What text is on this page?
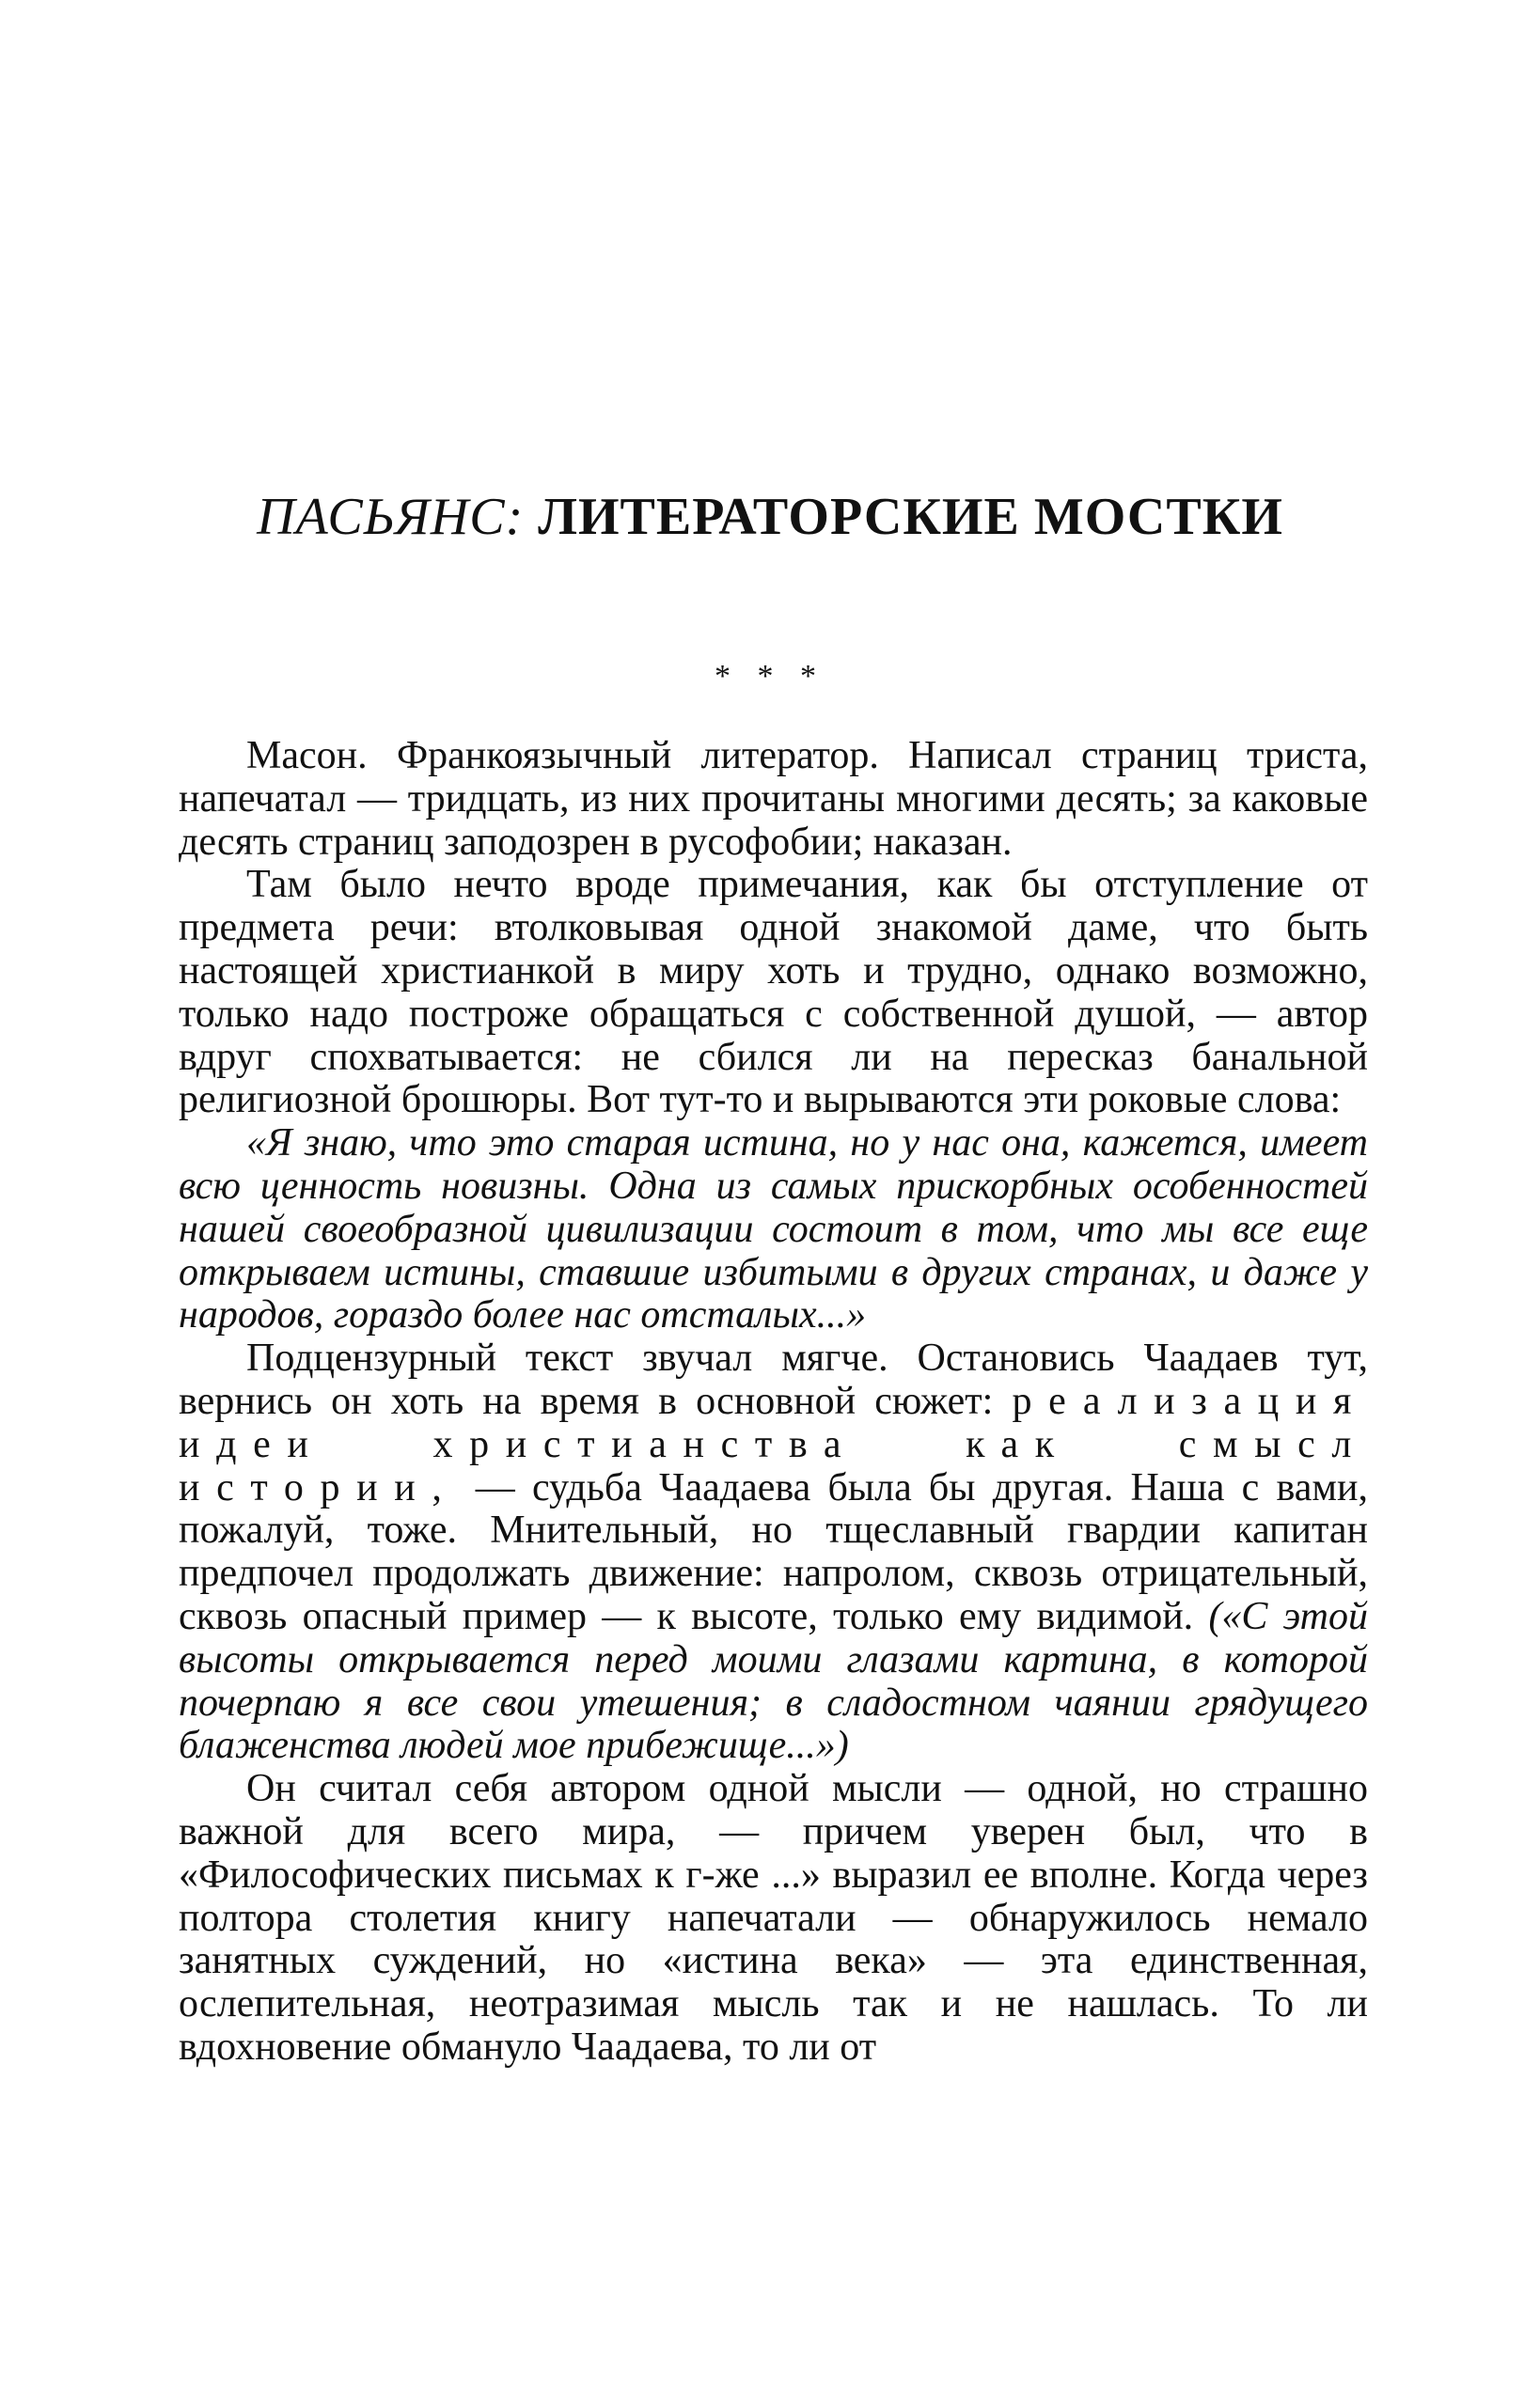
ПАСЬЯНС: ЛИТЕРАТОРСКИЕ МОСТКИ
* * *

Масон. Франкоязычный литератор. Написал страниц триста, напечатал — тридцать, из них прочитаны многими десять; за каковые десять страниц заподозрен в русофобии; наказан.

Там было нечто вроде примечания, как бы отступление от предмета речи: втолковывая одной знакомой даме, что быть настоящей христианкой в миру хоть и трудно, однако возможно, только надо построже обращаться с собственной душой, — автор вдруг спохватывается: не сбился ли на пересказ банальной религиозной брошюры. Вот тут-то и вырываются эти роковые слова:

«Я знаю, что это старая истина, но у нас она, кажется, имеет всю ценность новизны. Одна из самых прискорбных особенностей нашей своеобразной цивилизации состоит в том, что мы все еще открываем истины, ставшие избитыми в других странах, и даже у народов, гораздо более нас отсталых...»

Подцензурный текст звучал мягче. Остановись Чаадаев тут, вернись он хоть на время в основной сюжет: реализация идеи христианства как смысл истории, — судьба Чаадаева была бы другая. Наша с вами, пожалуй, тоже. Мнительный, но тщеславный гвардии капитан предпочел продолжать движение: напролом, сквозь отрицательный, сквозь опасный пример — к высоте, только ему видимой. («С этой высоты открывается перед моими глазами картина, в которой почерпаю я все свои утешения; в сладостном чаянии грядущего блаженства людей мое прибежище...»)

Он считал себя автором одной мысли — одной, но страшно важной для всего мира, — причем уверен был, что в «Философических письмах к г-же ...» выразил ее вполне. Когда через полтора столетия книгу напечатали — обнаружилось немало занятных суждений, но «истина века» — эта единственная, ослепительная, неотразимая мысль так и не нашлась. То ли вдохновение обмануло Чаадаева, то ли от
